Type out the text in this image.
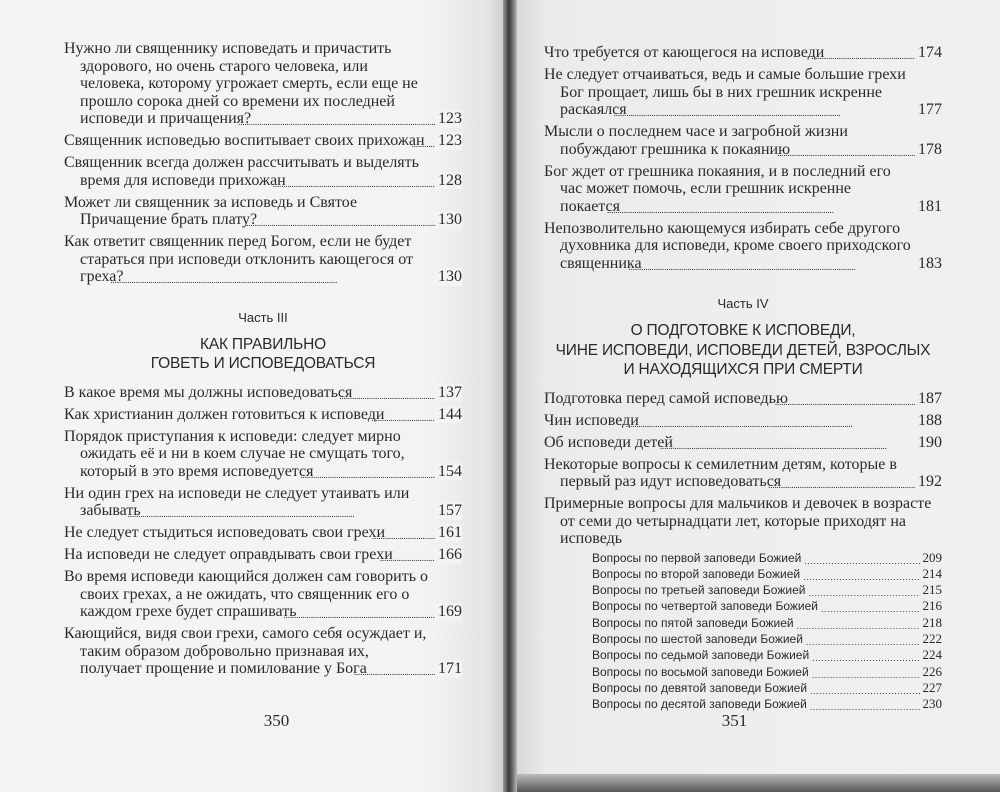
Нужно ли священнику исповедать и причастить здорового, но очень старого человека, или человека, которому угрожает смерть, если еще не прошло сорока дней со времени их последней исповеди и причащения? . . .	123
Священник исповедью воспитывает своих прихожан . . . 123
Священник всегда должен рассчитывать и выделять время для исповеди прихожан . . .	128
Может ли священник за исповедь и Святое Причащение брать плату? . . .	130
Как ответит священник перед Богом, если не будет стараться при исповеди отклонить кающегося от греха? . . .	130
Часть III
КАК ПРАВИЛЬНО
ГОВЕТЬ И ИСПОВЕДОВАТЬСЯ
В какое время мы должны исповедоваться . . .	137
Как христианин должен готовиться к исповеди . . .	144
Порядок приступания к исповеди: следует мирно ожидать её и ни в коем случае не смущать того, который в это время исповедуется . . .	154
Ни один грех на исповеди не следует утаивать или забывать . . .	157
Не следует стыдиться исповедовать свои грехи . . .	161
На исповеди не следует оправдывать свои грехи . . .	166
Во время исповеди кающийся должен сам говорить о своих грехах, а не ожидать, что священник его о каждом грехе будет спрашивать . . .	169
Кающийся, видя свои грехи, самого себя осуждает и, таким образом добровольно признавая их, получает прощение и помилование у Бога . . .	171
350
Что требуется от кающегося на исповеди . . .	174
Не следует отчаиваться, ведь и самые большие грехи Бог прощает, лишь бы в них грешник искренне раскаялся . . .	177
Мысли о последнем часе и загробной жизни побуждают грешника к покаянию . . .	178
Бог ждет от грешника покаяния, и в последний его час может помочь, если грешник искренне покается . . .	181
Непозволительно кающемуся избирать себе другого духовника для исповеди, кроме своего приходского священника . . .	183
Часть IV
О ПОДГОТОВКЕ К ИСПОВЕДИ,
ЧИНЕ ИСПОВЕДИ, ИСПОВЕДИ ДЕТЕЙ, ВЗРОСЛЫХ
И НАХОДЯЩИХСЯ ПРИ СМЕРТИ
Подготовка перед самой исповедью . . .	187
Чин исповеди . . .	188
Об исповеди детей . . .	190
Некоторые вопросы к семилетним детям, которые в первый раз идут исповедоваться . . .	192
Примерные вопросы для мальчиков и девочек в возрасте от семи до четырнадцати лет, которые приходят на исповедь
Вопросы по первой заповеди Божией . . .	209
Вопросы по второй заповеди Божией . . .	214
Вопросы по третьей заповеди Божией . . .	215
Вопросы по четвертой заповеди Божией . . .	216
Вопросы по пятой заповеди Божией . . .	218
Вопросы по шестой заповеди Божией . . .	222
Вопросы по седьмой заповеди Божией . . .	224
Вопросы по восьмой заповеди Божией . . .	226
Вопросы по девятой заповеди Божией . . .	227
Вопросы по десятой заповеди Божией . . .	230
351
